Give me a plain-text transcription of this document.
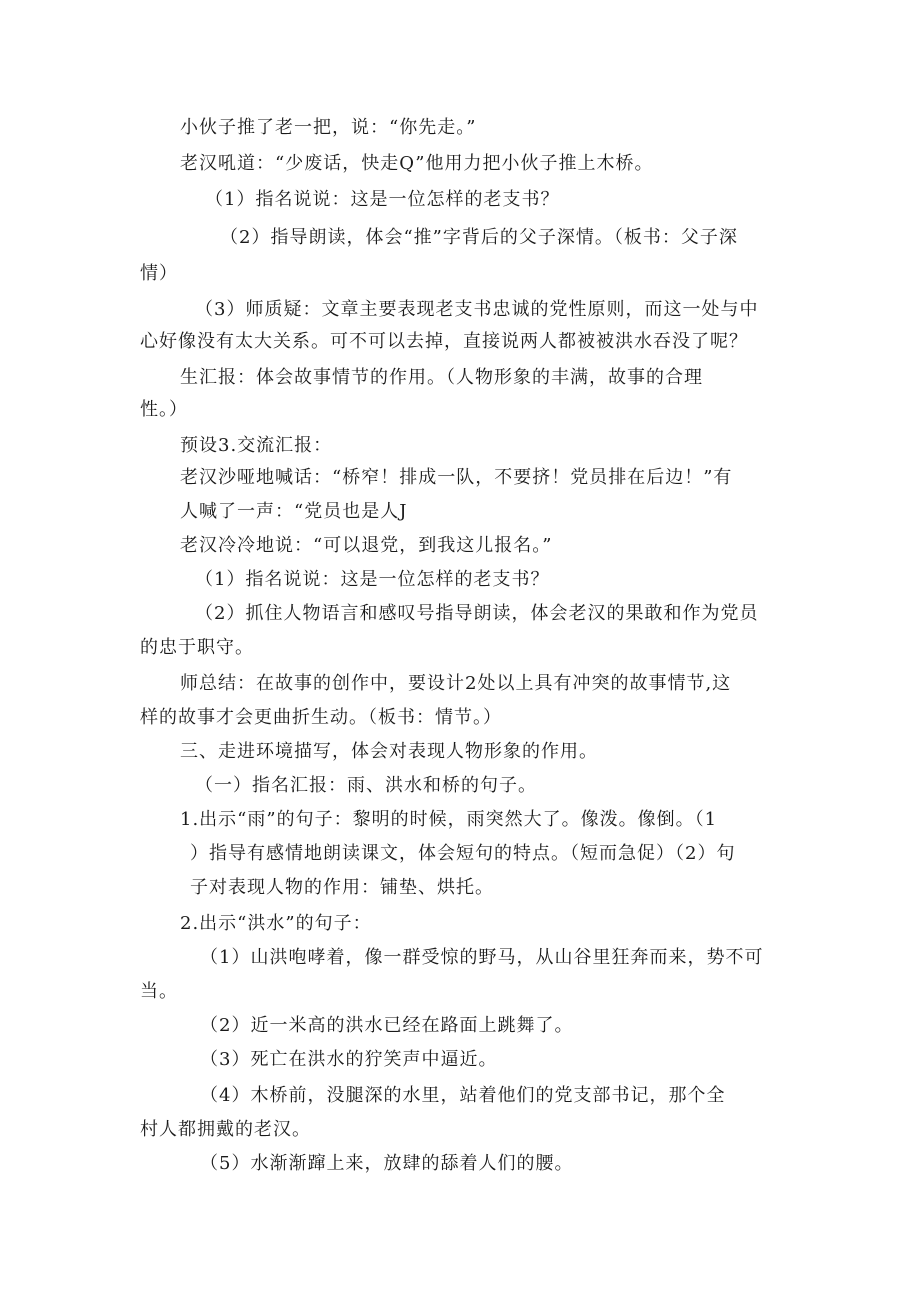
小伙子推了老一把，说：“你先走。”
老汉吼道：“少废话，快走Q”他用力把小伙子推上木桥。
（1）指名说说：这是一位怎样的老支书？
（2）指导朗读，体会“推”字背后的父子深情。（板书：父子深
情）
（3）师质疑：文章主要表现老支书忠诚的党性原则，而这一处与中
心好像没有太大关系。可不可以去掉，直接说两人都被被洪水吞没了呢？
生汇报：体会故事情节的作用。（人物形象的丰满，故事的合理
性。）
预设3.交流汇报：
老汉沙哑地喊话：“桥窄！排成一队，不要挤！党员排在后边！”有
人喊了一声：“党员也是人J
老汉冷冷地说：“可以退党，到我这儿报名。”
（1）指名说说：这是一位怎样的老支书？
（2）抓住人物语言和感叹号指导朗读，体会老汉的果敢和作为党员
的忠于职守。
师总结：在故事的创作中，要设计2处以上具有冲突的故事情节,这
样的故事才会更曲折生动。（板书：情节。）
三、走进环境描写，体会对表现人物形象的作用。
（一）指名汇报：雨、洪水和桥的句子。
1.出示“雨”的句子：黎明的时候，雨突然大了。像泼。像倒。（1
）指导有感情地朗读课文，体会短句的特点。（短而急促）（2）句
子对表现人物的作用：铺垫、烘托。
2.出示“洪水”的句子：
（1）山洪咆哮着，像一群受惊的野马，从山谷里狂奔而来，势不可
当。
（2）近一米高的洪水已经在路面上跳舞了。
（3）死亡在洪水的狞笑声中逼近。
（4）木桥前，没腿深的水里，站着他们的党支部书记，那个全
村人都拥戴的老汉。
（5）水渐渐蹿上来，放肆的舔着人们的腰。
